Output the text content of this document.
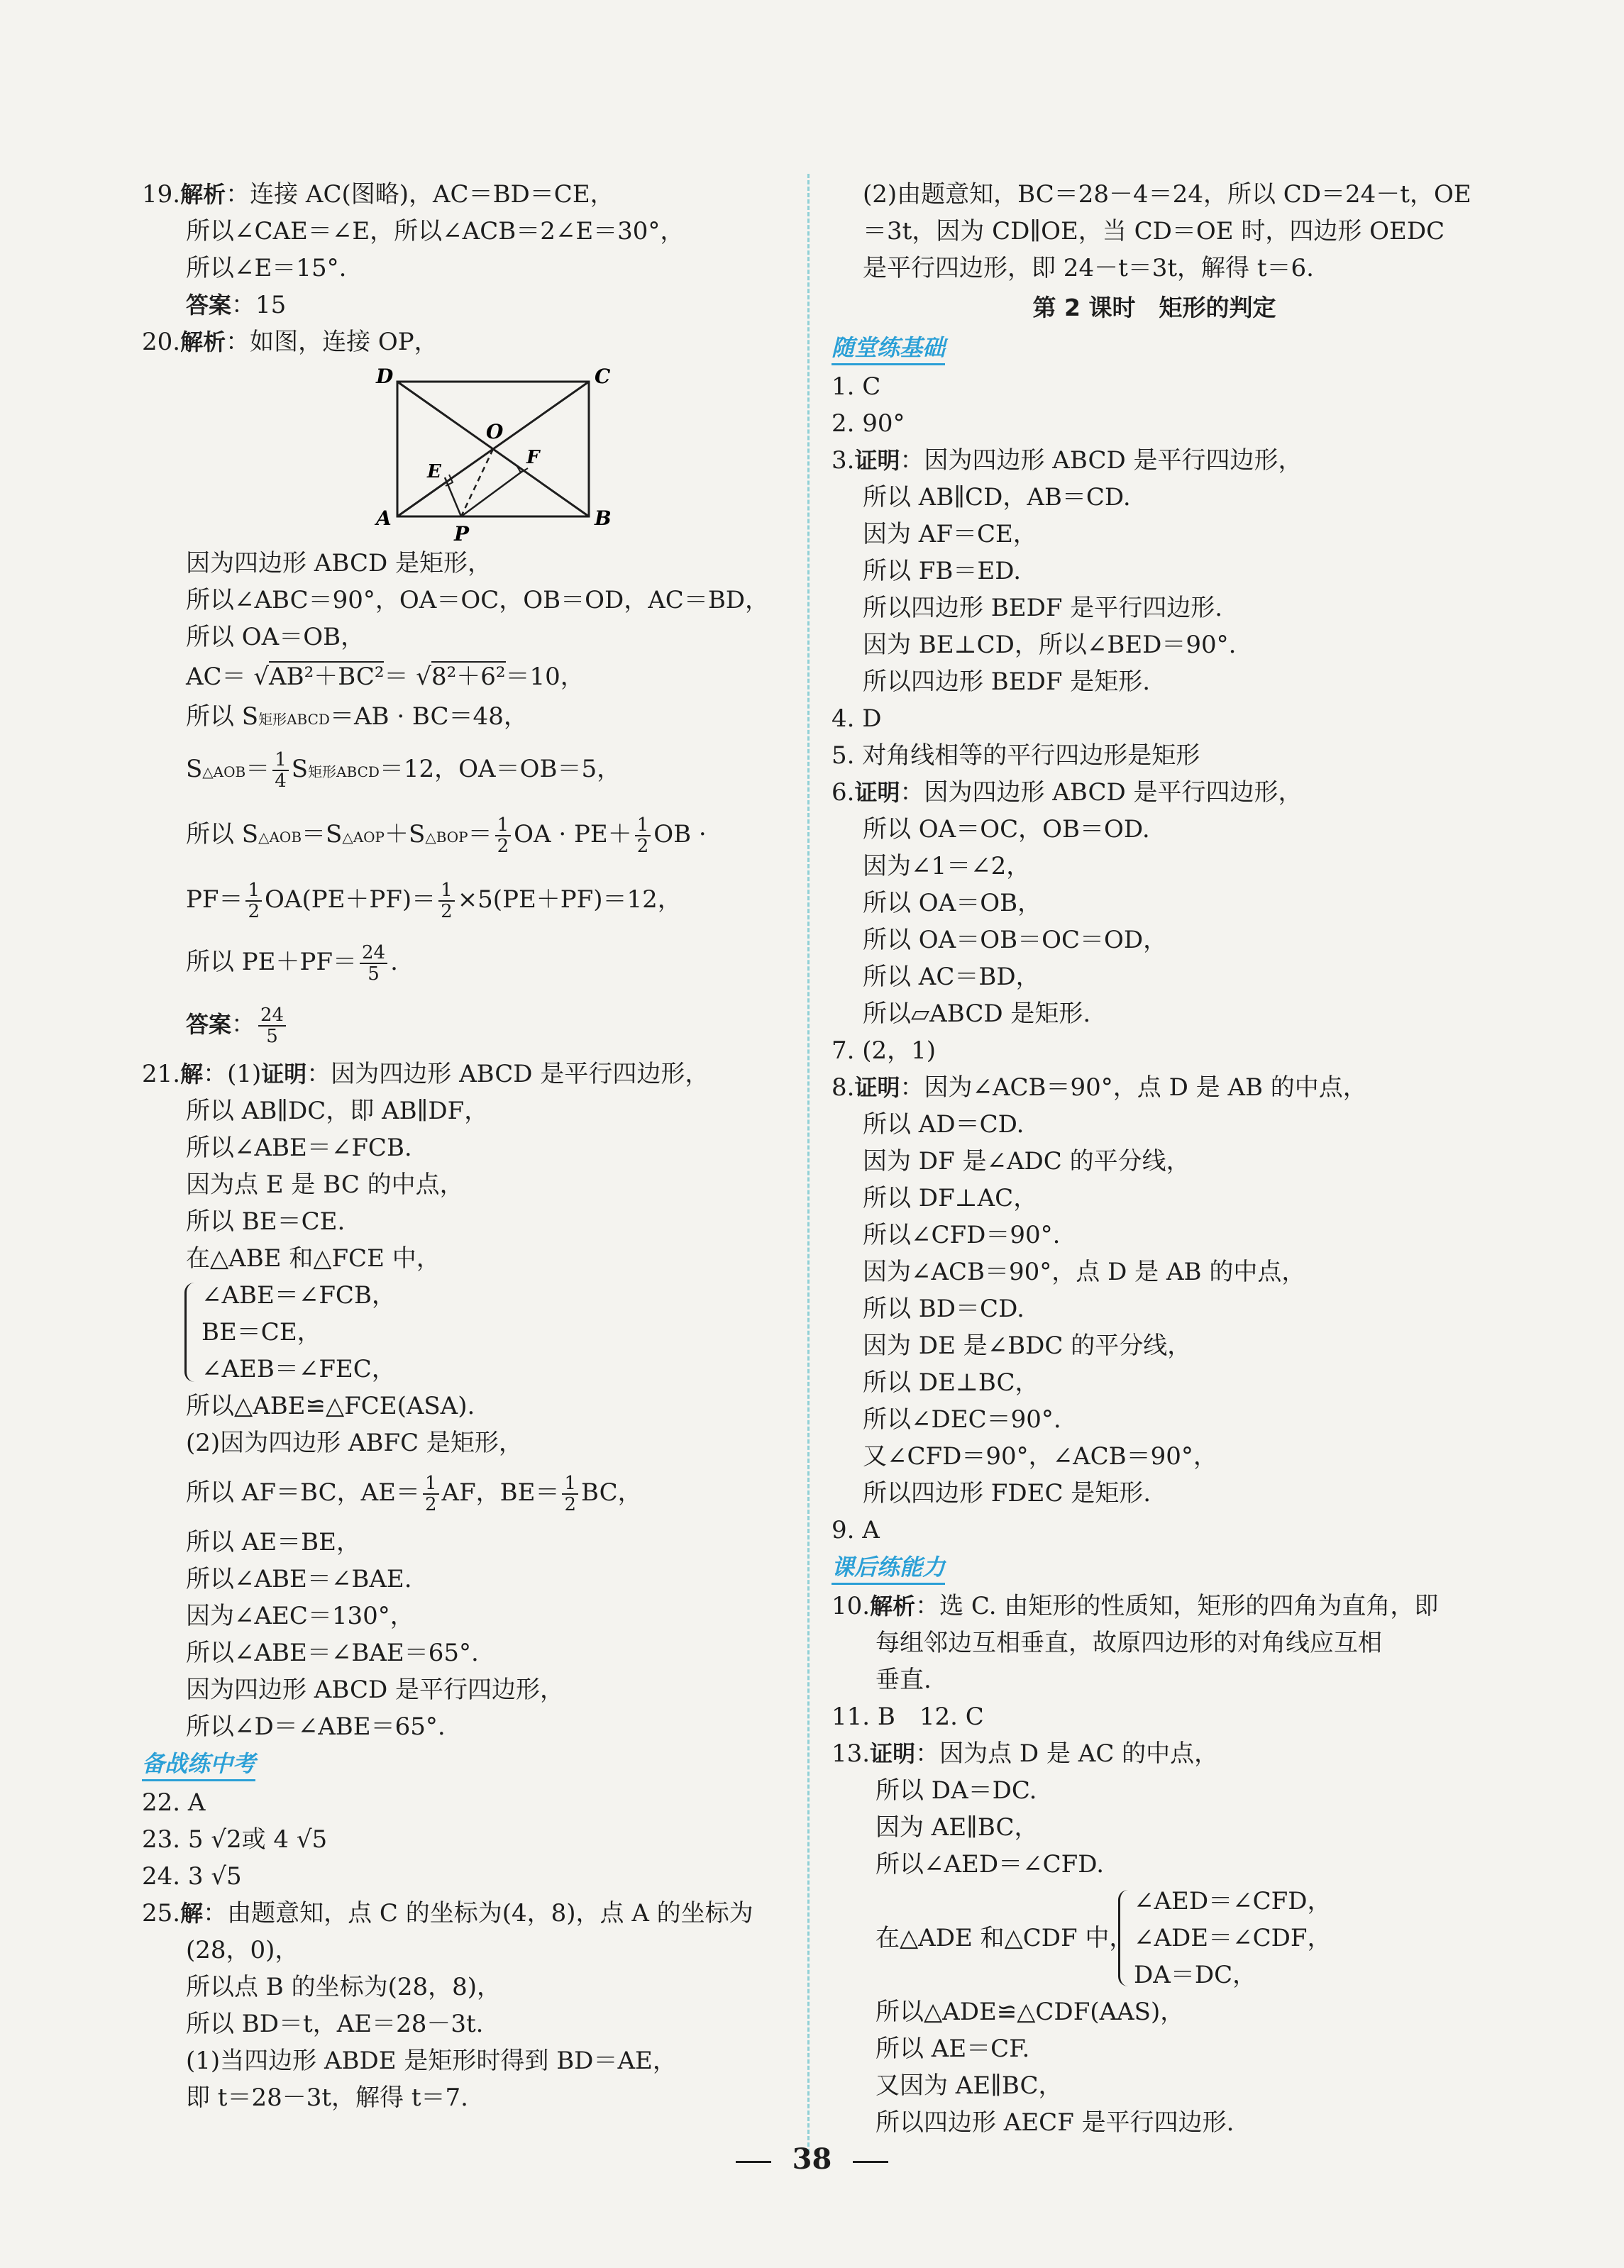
19.解析：连接 AC(图略)，AC＝BD＝CE，
所以∠CAE＝∠E，所以∠ACB＝2∠E＝30°，
所以∠E＝15°.
答案：15
20.解析：如图，连接 OP，
D	C
O
E
F
A
P
B
因为四边形 ABCD 是矩形，
所以∠ABC＝90°，OA＝OC，OB＝OD，AC＝BD，
所以 OA＝OB，
AC＝ √AB²＋BC²＝ √8²＋6²＝10，
所以 S矩形ABCD＝AB · BC＝48，
S△AOB＝ $\frac{1}{4}$ S矩形ABCD＝12，OA＝OB＝5，
所以 S△AOB＝S△AOP＋S△BOP＝ $\frac{1}{2}$ OA · $PE+ \frac{1}{2}$ OB ·
$PF= \frac{1}{2} OA(PE+PF)= \frac{1}{2} \times 5(PE+PF)=12$，
所以 $PE+PF= \frac{24}{5}$ .
答案： $\frac{24}{5}$
21.解：(1)证明：因为四边形 ABCD 是平行四边形，
所以 AB∥DC，即 AB∥DF，
所以∠ABE＝∠FCB.
因为点 E 是 BC 的中点，
所以 BE＝CE.
在△ABE 和△FCE 中，
∠ABE＝∠FCB，
BE＝CE，
∠AEB＝∠FEC，
所以△ABE≌△FCE(ASA).
(2)因为四边形 ABFC 是矩形，
所以 AF＝BC，$AE= \frac{1}{2}$ AF，$BE= \frac{1}{2}$ BC，
所以 AE＝BE，
所以∠ABE＝∠BAE.
因为∠AEC＝130°，
所以∠ABE＝∠BAE＝65°.
因为四边形 ABCD 是平行四边形，
所以∠D＝∠ABE＝65°.
备战练中考
22. A
23. 5 √2或 4 √5
24. 3 √5
25.解：由题意知，点 C 的坐标为(4，8)，点 A 的坐标为
(28，0)，
所以点 B 的坐标为(28，8)，
所以 BD＝t，AE＝28－3t.
(1)当四边形 ABDE 是矩形时得到 BD＝AE，
即 t＝28－3t，解得 t＝7.
(2)由题意知，BC＝28－4＝24，所以 CD＝24－t，OE
＝3t，因为 CD∥OE，当 CD＝OE 时，四边形 OEDC
是平行四边形，即 24－t＝3t，解得 t＝6.
第 2 课时　矩形的判定
随堂练基础
1. C
2. 90°
3.证明：因为四边形 ABCD 是平行四边形，
所以 AB∥CD，AB＝CD.
因为 AF＝CE，
所以 FB＝ED.
所以四边形 BEDF 是平行四边形.
因为 BE⊥CD，所以∠BED＝90°.
所以四边形 BEDF 是矩形.
4. D
5. 对角线相等的平行四边形是矩形
6.证明：因为四边形 ABCD 是平行四边形，
所以 OA＝OC，OB＝OD.
因为∠1＝∠2，
所以 OA＝OB，
所以 OA＝OB＝OC＝OD，
所以 AC＝BD，
所以▱ABCD 是矩形.
7. (2，1)
8.证明：因为∠ACB＝90°，点 D 是 AB 的中点，
所以 AD＝CD.
因为 DF 是∠ADC 的平分线，
所以 DF⊥AC，
所以∠CFD＝90°.
因为∠ACB＝90°，点 D 是 AB 的中点，
所以 BD＝CD.
因为 DE 是∠BDC 的平分线，
所以 DE⊥BC，
所以∠DEC＝90°.
又∠CFD＝90°，∠ACB＝90°，
所以四边形 FDEC 是矩形.
9. A
课后练能力
10.解析：选 C. 由矩形的性质知，矩形的四角为直角，即
每组邻边互相垂直，故原四边形的对角线应互相
垂直.
11. B　12. C
13.证明：因为点 D 是 AC 的中点，
所以 DA＝DC.
因为 AE∥BC，
所以∠AED＝∠CFD.
在△ADE 和△CDF 中，
∠AED＝∠CFD，
∠ADE＝∠CDF，
DA＝DC，
所以△ADE≌△CDF(AAS)，
所以 AE＝CF.
又因为 AE∥BC，
所以四边形 AECF 是平行四边形.
38
